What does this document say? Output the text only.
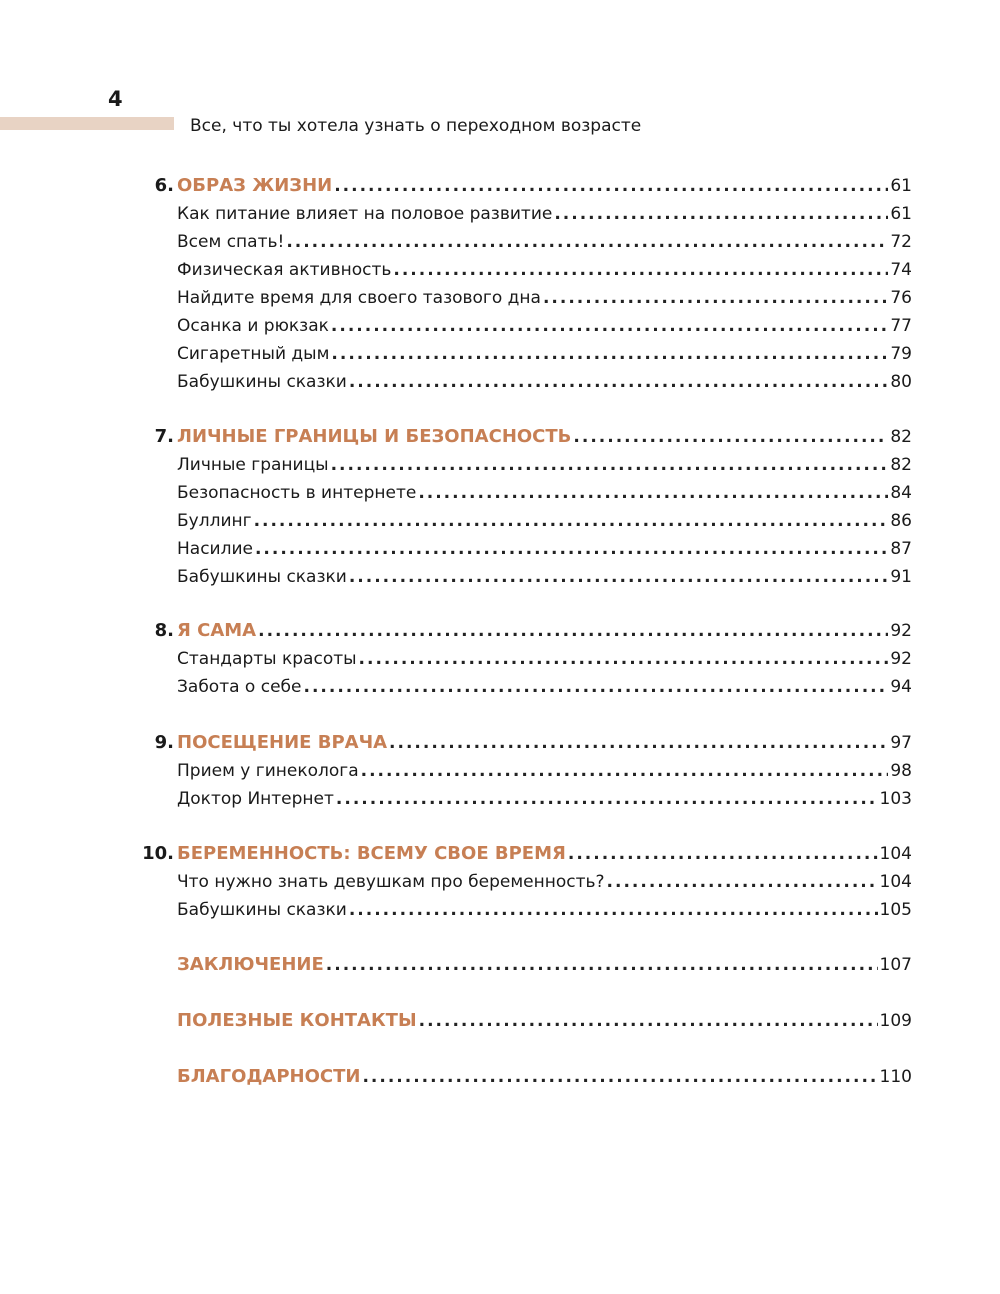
4
Все, что ты хотела узнать о переходном возрасте
6. ОБРАЗ ЖИЗНИ .....	61
Как питание влияет на половое развитие .....	61
Всем спать! .....	72
Физическая активность .....	74
Найдите время для своего тазового дна .....	76
Осанка и рюкзак .....	77
Сигаретный дым .....	79
Бабушкины сказки .....	80
7. ЛИЧНЫЕ ГРАНИЦЫ И БЕЗОПАСНОСТЬ .....	82
Личные границы .....	82
Безопасность в интернете .....	84
Буллинг .....	86
Насилие .....	87
Бабушкины сказки .....	91
8. Я САМА .....	92
Стандарты красоты .....	92
Забота о себе .....	94
9. ПОСЕЩЕНИЕ ВРАЧА .....	97
Прием у гинеколога .....	98
Доктор Интернет .....	103
10. БЕРЕМЕННОСТЬ: ВСЕМУ СВОЕ ВРЕМЯ .....	104
Что нужно знать девушкам про беременность? .....	104
Бабушкины сказки .....	105
ЗАКЛЮЧЕНИЕ .....	107
ПОЛЕЗНЫЕ КОНТАКТЫ .....	109
БЛАГОДАРНОСТИ .....	110
